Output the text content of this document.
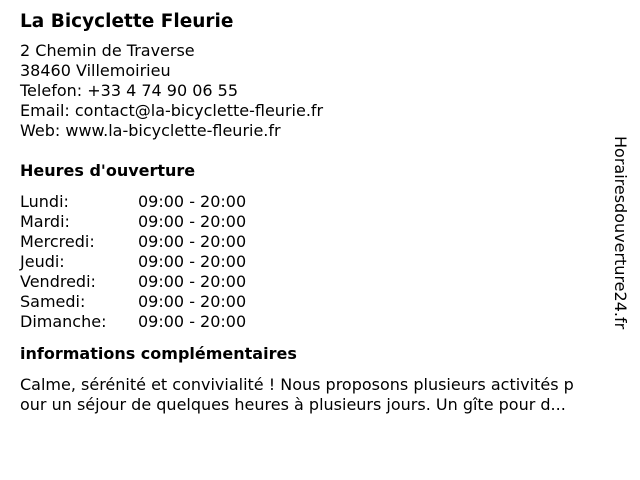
La Bicyclette Fleurie
2 Chemin de Traverse
38460 Villemoirieu
Telefon: +33 4 74 90 06 55
Email: contact@la-bicyclette-fleurie.fr
Web: www.la-bicyclette-fleurie.fr
Heures d'ouverture
Lundi:	09:00 - 20:00
Mardi:	09:00 - 20:00
Mercredi:	09:00 - 20:00
Jeudi:	09:00 - 20:00
Vendredi:	09:00 - 20:00
Samedi:	09:00 - 20:00
Dimanche:	09:00 - 20:00
informations complémentaires
Calme, sérénité et convivialité ! Nous proposons plusieurs activités p
our un séjour de quelques heures à plusieurs jours. Un gîte pour d...
Horairesdouverture24.fr
